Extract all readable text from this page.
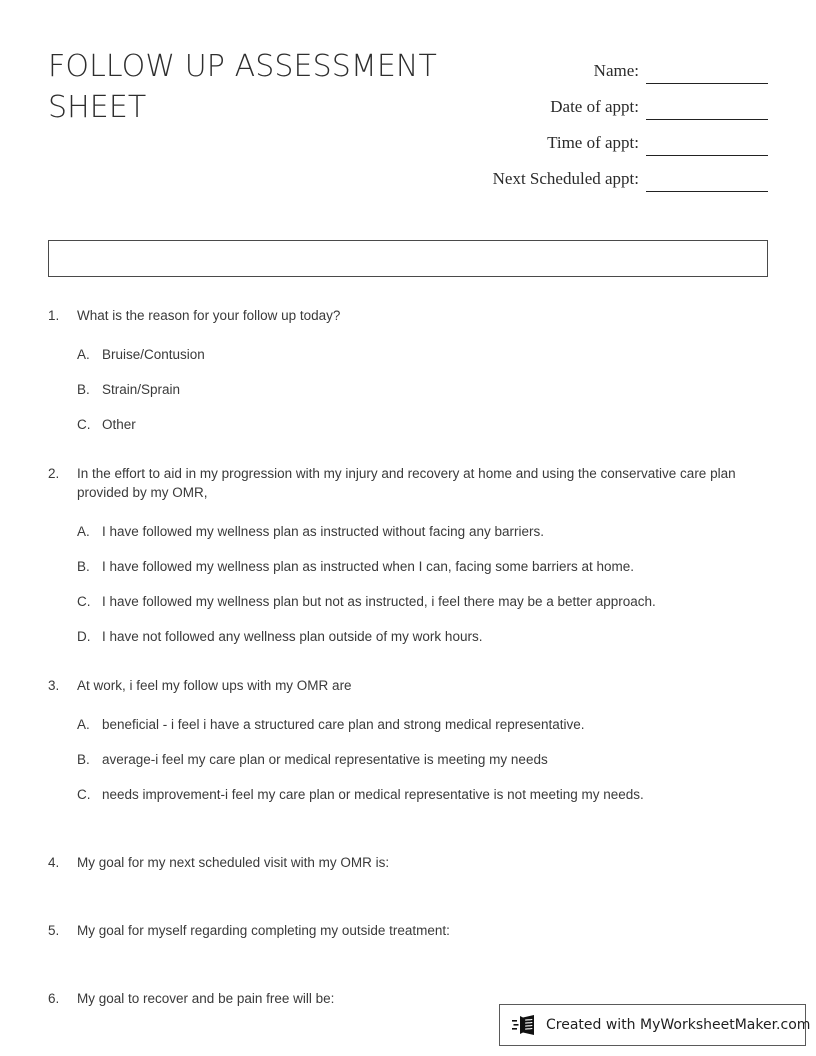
FOLLOW UP ASSESSMENT SHEET
Name:
Date of appt:
Time of appt:
Next Scheduled appt:
1.	What is the reason for your follow up today?
A. Bruise/Contusion
B. Strain/Sprain
C. Other
2.	In the effort to aid in my progression with my injury and recovery at home and using the conservative care plan provided by my OMR,
A. I have followed my wellness plan as instructed without facing any barriers.
B. I have followed my wellness plan as instructed when I can, facing some barriers at home.
C. I have followed my wellness plan but not as instructed, i feel there may be a better approach.
D. I have not followed any wellness plan outside of my work hours.
3.	At work, i feel my follow ups with my OMR are
A. beneficial - i feel i have a structured care plan and strong medical representative.
B. average-i feel my care plan or medical representative is meeting my needs
C. needs improvement-i feel my care plan or medical representative is not meeting my needs.
4.	My goal for my next scheduled visit with my OMR is:
5.	My goal for myself regarding completing my outside treatment:
6.	My goal to recover and be pain free will be:
Created with MyWorksheetMaker.com
